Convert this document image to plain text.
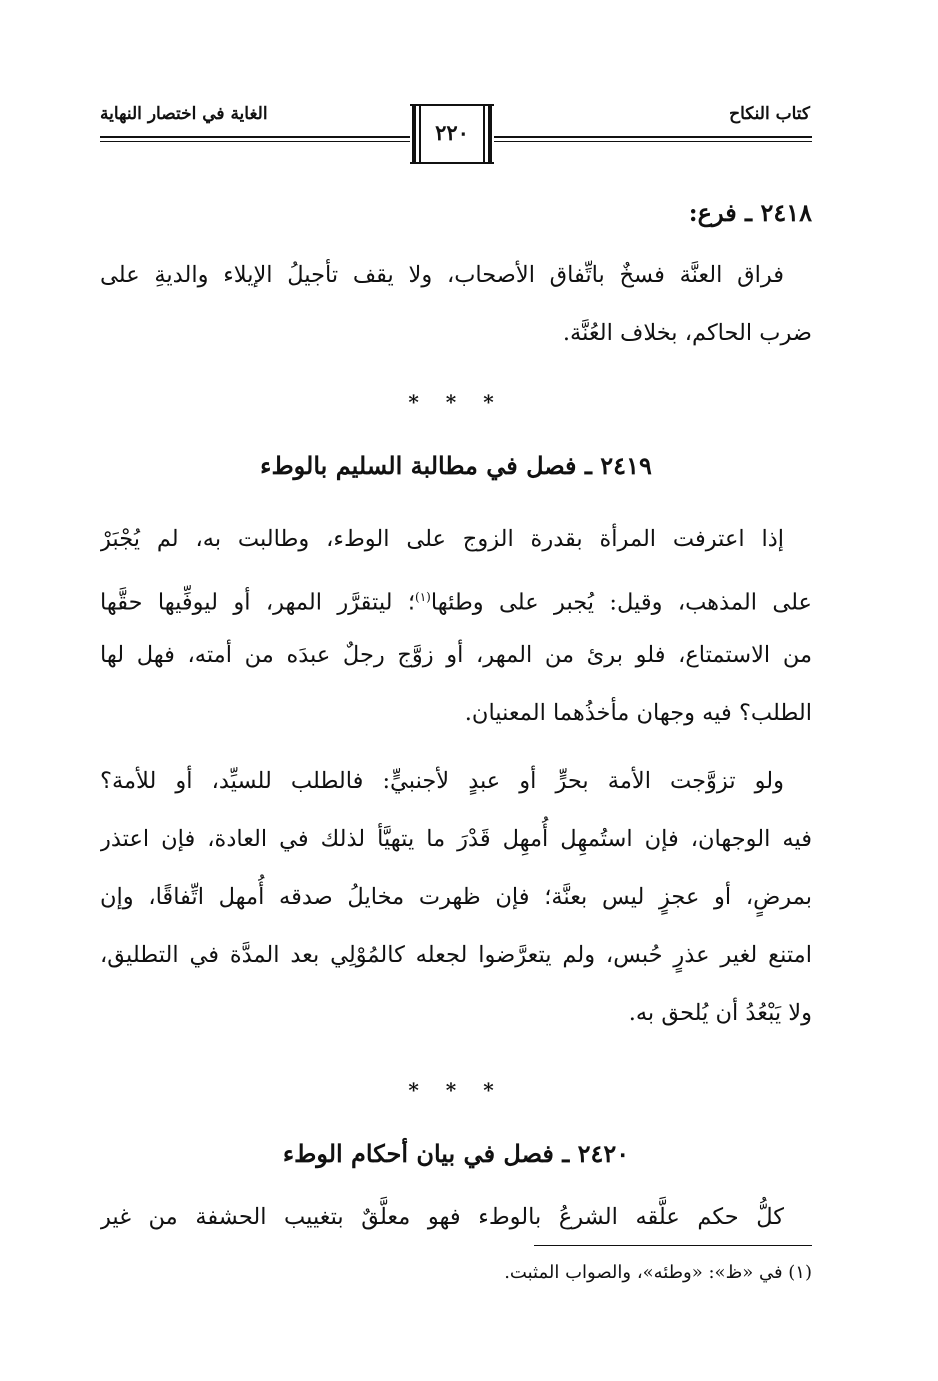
كتاب النكاح
الغاية في اختصار النهاية
٢٢٠
٢٤١٨ ـ فرع:
فراق العنَّة فسخٌ باتِّفاق الأصحاب، ولا يقف تأجيلُ الإيلاء والديةِ على
ضرب الحاكم، بخلاف العُنَّة.
* * *
٢٤١٩ ـ فصل في مطالبة السليم بالوطء
إذا اعترفت المرأة بقدرة الزوج على الوطء، وطالبت به، لم يُجْبَرْ
على المذهب، وقيل: يُجبر على وطئها$^{(١)}$؛ ليتقرَّر المهر، أو ليوفِّيها حقَّها
من الاستمتاع، فلو برئ من المهر، أو زوَّج رجلٌ عبدَه من أمته، فهل لها
الطلب؟ فيه وجهان مأخذُهما المعنيان.
ولو تزوَّجت الأمة بحرٍّ أو عبدٍ لأجنبيٍّ: فالطلب للسيِّد، أو للأمة؟
فيه الوجهان، فإن استُمهِل أُمهِل قَدْرَ ما يتهيَّأ لذلك في العادة، فإن اعتذر
بمرضٍ، أو عجزٍ ليس بعنَّة؛ فإن ظهرت مخايلُ صدقه أُمهل اتِّفاقًا، وإن
امتنع لغير عذرٍ حُبس، ولم يتعرَّضوا لجعله كالمُوْلِي بعد المدَّة في التطليق،
ولا يَبْعُدُ أن يُلحق به.
* * *
٢٤٢٠ ـ فصل في بيان أحكام الوطء
كلُّ حكم علَّقه الشرعُ بالوطء فهو معلَّقٌ بتغييب الحشفة من غير
(١) في «ظ»: «وطئه»، والصواب المثبت.
